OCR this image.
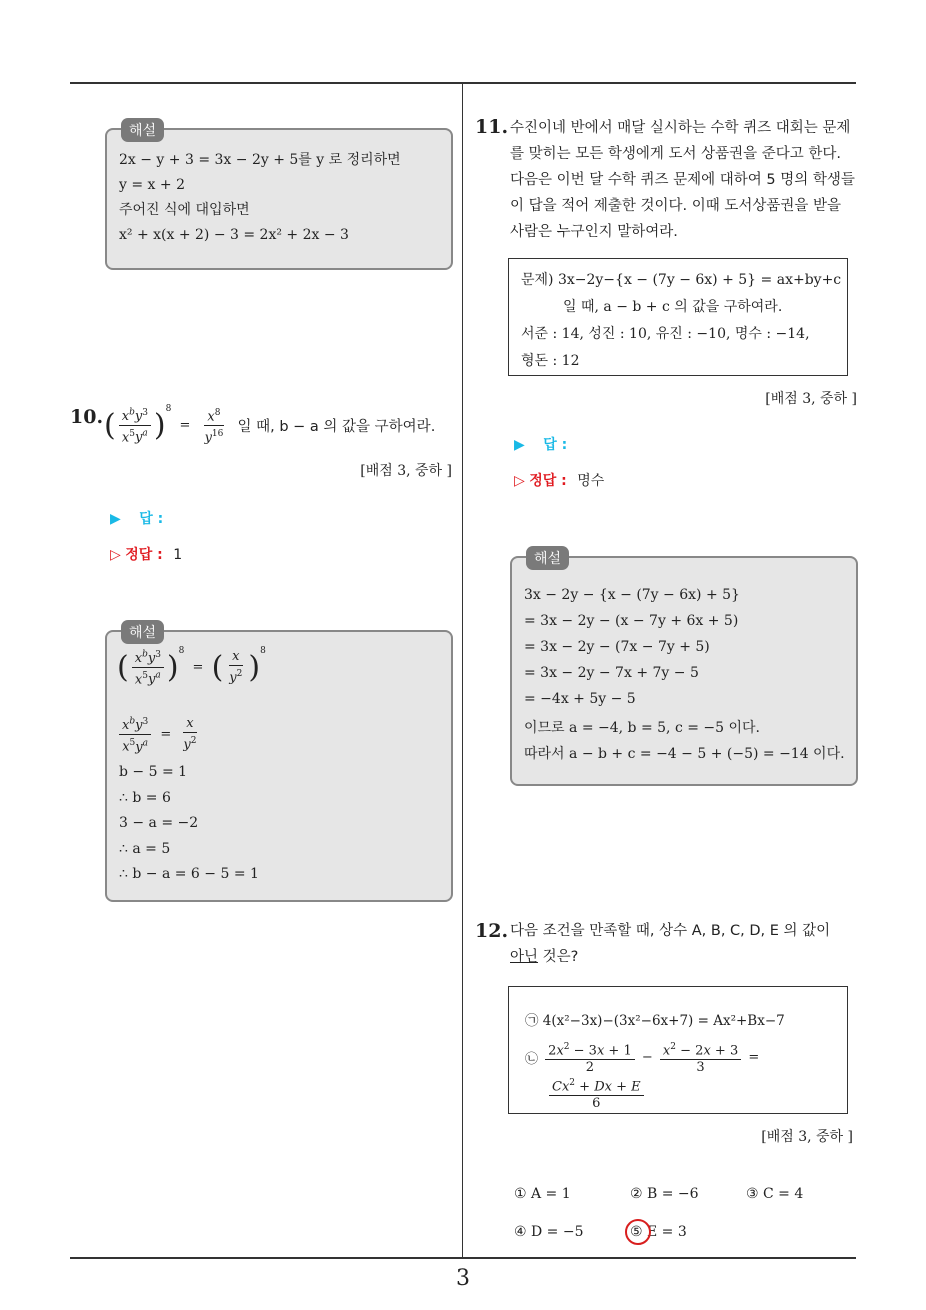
3
해설
2x − y + 3 = 3x − 2y + 5를 y 로 정리하면
y = x + 2
주어진 식에 대입하면
x² + x(x + 2) − 3 = 2x² + 2x − 3
10. ( $\frac{x^by^3}{x^5y^a} )^8 = \frac{x^8}{y^{16}}$ 일 때, b − a 의 값을 구하여라.
[배점 3, 중하 ]
▶ 답 :
▷ 정답 : 1
해설
( $\frac{x^by^3}{x^5y^a} )^8$ = ( $\frac{x}{y^2} )^8$
$\frac{x^by^3}{x^5y^a} = \frac{x}{y^2}$
b − 5 = 1
∴ b = 6
3 − a = −2
∴ a = 5
∴ b − a = 6 − 5 = 1
11. 수진이네 반에서 매달 실시하는 수학 퀴즈 대회는 문제를 맞히는 모든 학생에게 도서 상품권을 준다고 한다. 다음은 이번 달 수학 퀴즈 문제에 대하여 5 명의 학생들이 답을 적어 제출한 것이다. 이때 도서상품권을 받을 사람은 누구인지 말하여라.
문제) 3x−2y−{x − (7y − 6x) + 5} = ax+by+c
일 때, a − b + c 의 값을 구하여라.
서준 : 14, 성진 : 10, 유진 : −10, 명수 : −14,
형돈 : 12
[배점 3, 중하 ]
▶ 답 :
▷ 정답 : 명수
해설
3x − 2y − {x − (7y − 6x) + 5}
= 3x − 2y − (x − 7y + 6x + 5)
= 3x − 2y − (7x − 7y + 5)
= 3x − 2y − 7x + 7y − 5
= −4x + 5y − 5
이므로 a = −4, b = 5, c = −5 이다.
따라서 a − b + c = −4 − 5 + (−5) = −14 이다.
12. 다음 조건을 만족할 때, 상수 A, B, C, D, E 의 값이
아닌 것은?
㉠ 4(x²−3x)−(3x²−6x+7) = Ax²+Bx−7
㉡ $\frac{2x^2 - 3x + 1}{2} - \frac{x^2 - 2x + 3}{3}$ =
$\frac{Cx^2 + Dx + E}{6}$
[배점 3, 중하 ]
① A = 1	② B = −6	③ C = 4
④ D = −5	⑤ E = 3
